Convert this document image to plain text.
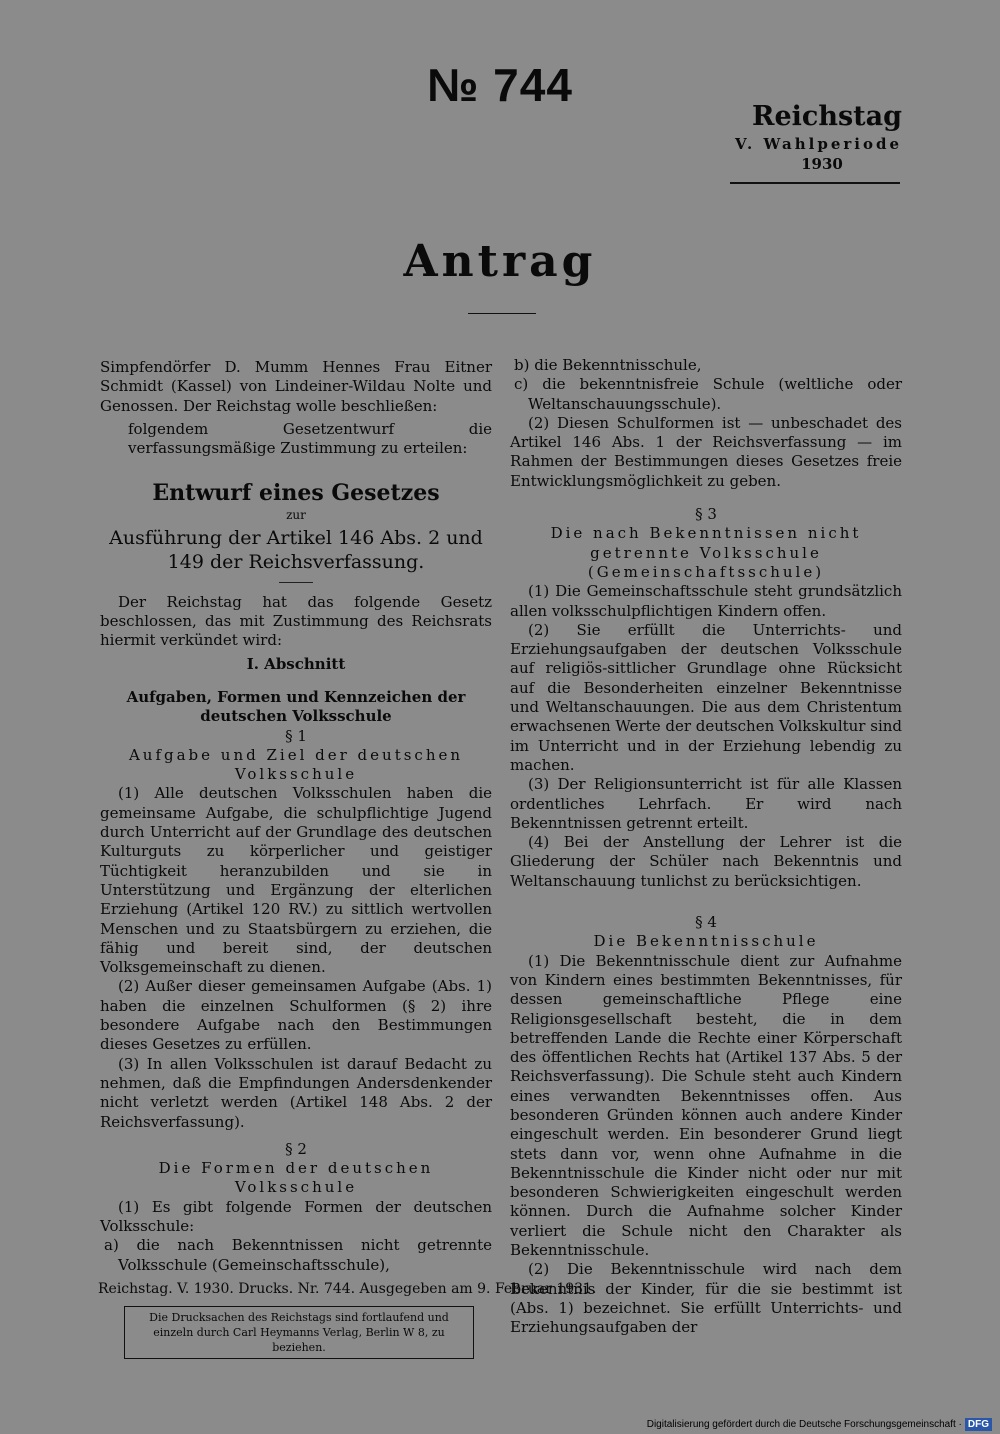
№ 744
Reichstag
V. Wahlperiode
1930
Antrag

Simpfendörfer D. Mumm Hennes Frau Eitner Schmidt (Kassel) von Lindeiner-Wildau Nolte und Genossen. Der Reichstag wolle beschließen:

folgendem Gesetzentwurf die verfassungsmäßige Zustimmung zu erteilen:

Entwurf eines Gesetzes

zur

Ausführung der Artikel 146 Abs. 2 und 149 der Reichsverfassung.

Der Reichstag hat das folgende Gesetz beschlossen, das mit Zustimmung des Reichsrats hiermit verkündet wird:

I. Abschnitt

Aufgaben, Formen und Kennzeichen der deutschen Volksschule

§ 1

Aufgabe und Ziel der deutschen Volksschule

(1) Alle deutschen Volksschulen haben die gemeinsame Aufgabe, die schulpflichtige Jugend durch Unterricht auf der Grundlage des deutschen Kulturguts zu körperlicher und geistiger Tüchtigkeit heranzubilden und sie in Unterstützung und Ergänzung der elterlichen Erziehung (Artikel 120 RV.) zu sittlich wertvollen Menschen und zu Staatsbürgern zu erziehen, die fähig und bereit sind, der deutschen Volksgemeinschaft zu dienen.

(2) Außer dieser gemeinsamen Aufgabe (Abs. 1) haben die einzelnen Schulformen (§ 2) ihre besondere Aufgabe nach den Bestimmungen dieses Gesetzes zu erfüllen.

(3) In allen Volksschulen ist darauf Bedacht zu nehmen, daß die Empfindungen Andersdenkender nicht verletzt werden (Artikel 148 Abs. 2 der Reichsverfassung).

§ 2

Die Formen der deutschen Volksschule

(1) Es gibt folgende Formen der deutschen Volksschule:

a) die nach Bekenntnissen nicht getrennte Volksschule (Gemeinschaftsschule),

b) die Bekenntnisschule,

c) die bekenntnisfreie Schule (weltliche oder Weltanschauungsschule).

(2) Diesen Schulformen ist — unbeschadet des Artikel 146 Abs. 1 der Reichsverfassung — im Rahmen der Bestimmungen dieses Gesetzes freie Entwicklungsmöglichkeit zu geben.

§ 3

Die nach Bekenntnissen nicht getrennte Volksschule (Gemeinschaftsschule)

(1) Die Gemeinschaftsschule steht grundsätzlich allen volksschulpflichtigen Kindern offen.

(2) Sie erfüllt die Unterrichts- und Erziehungsaufgaben der deutschen Volksschule auf religiös-sittlicher Grundlage ohne Rücksicht auf die Besonderheiten einzelner Bekenntnisse und Weltanschauungen. Die aus dem Christentum erwachsenen Werte der deutschen Volkskultur sind im Unterricht und in der Erziehung lebendig zu machen.

(3) Der Religionsunterricht ist für alle Klassen ordentliches Lehrfach. Er wird nach Bekenntnissen getrennt erteilt.

(4) Bei der Anstellung der Lehrer ist die Gliederung der Schüler nach Bekenntnis und Weltanschauung tunlichst zu berücksichtigen.

§ 4

Die Bekenntnisschule

(1) Die Bekenntnisschule dient zur Aufnahme von Kindern eines bestimmten Bekenntnisses, für dessen gemeinschaftliche Pflege eine Religionsgesellschaft besteht, die in dem betreffenden Lande die Rechte einer Körperschaft des öffentlichen Rechts hat (Artikel 137 Abs. 5 der Reichsverfassung). Die Schule steht auch Kindern eines verwandten Bekenntnisses offen. Aus besonderen Gründen können auch andere Kinder eingeschult werden. Ein besonderer Grund liegt stets dann vor, wenn ohne Aufnahme in die Bekenntnisschule die Kinder nicht oder nur mit besonderen Schwierigkeiten eingeschult werden können. Durch die Aufnahme solcher Kinder verliert die Schule nicht den Charakter als Bekenntnisschule.

(2) Die Bekenntnisschule wird nach dem Bekenntnis der Kinder, für die sie bestimmt ist (Abs. 1) bezeichnet. Sie erfüllt Unterrichts- und Erziehungsaufgaben der

Reichstag. V. 1930. Drucks. Nr. 744. Ausgegeben am 9. Februar 1931.
Die Drucksachen des Reichstags sind fortlaufend und einzeln durch Carl Heymanns Verlag, Berlin W 8, zu beziehen.
Digitalisierung gefördert durch die Deutsche Forschungsgemeinschaft · DFG
